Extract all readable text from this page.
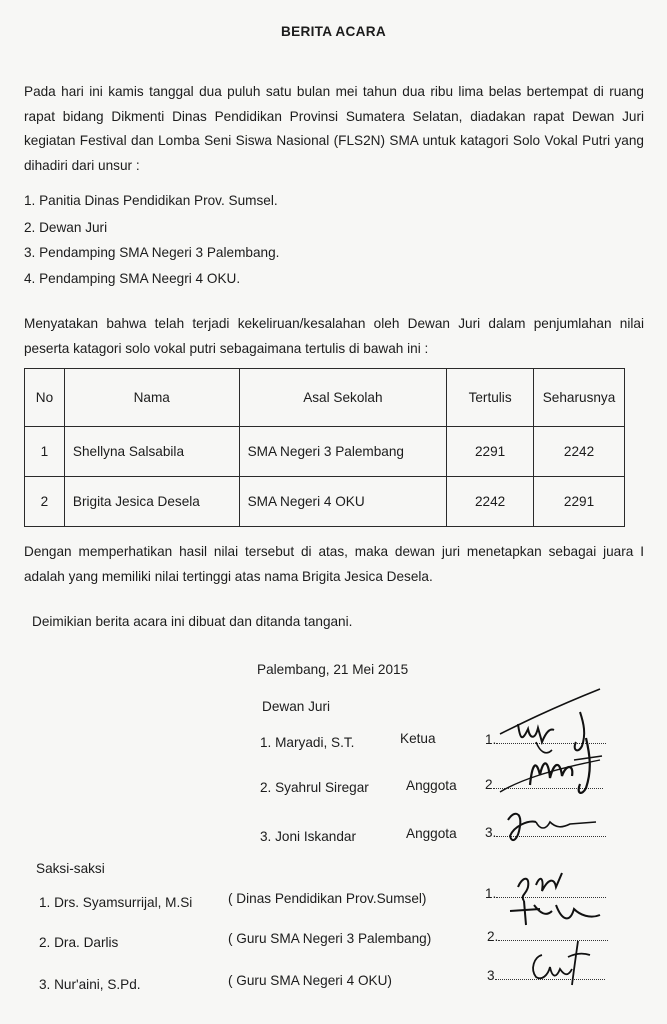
BERITA ACARA

Pada hari ini kamis tanggal dua puluh satu bulan mei tahun dua ribu lima belas bertempat di ruang rapat bidang Dikmenti Dinas Pendidikan Provinsi Sumatera Selatan, diadakan rapat Dewan Juri kegiatan Festival dan Lomba Seni Siswa Nasional (FLS2N) SMA untuk katagori Solo Vokal Putri yang dihadiri dari unsur :

1. Panitia Dinas Pendidikan Prov. Sumsel.
2. Dewan Juri
3. Pendamping SMA Negeri 3 Palembang.
4. Pendamping SMA Neegri 4 OKU.

Menyatakan bahwa telah terjadi kekeliruan/kesalahan oleh Dewan Juri dalam penjumlahan nilai peserta katagori solo vokal putri sebagaimana tertulis di bawah ini :

No	Nama	Asal Sekolah	Tertulis	Seharusnya
1	Shellyna Salsabila	SMA Negeri 3 Palembang	2291	2242
2	Brigita Jesica Desela	SMA Negeri 4 OKU	2242	2291

Dengan memperhatikan hasil nilai tersebut di atas, maka dewan juri menetapkan sebagai juara I adalah yang memiliki nilai tertinggi atas nama Brigita Jesica Desela.

Deimikian berita acara ini dibuat dan ditanda tangani.
Palembang, 21 Mei 2015
Dewan Juri
1. Maryadi, S.T.	Ketua	1.
2. Syahrul Siregar	Anggota 2
3. Joni Iskandar	Anggota 3.
Saksi-saksi
1. Drs. Syamsurrijal, M.Si	( Dinas Pendidikan Prov.Sumsel)	1.
2. Dra. Darlis	( Guru SMA Negeri 3 Palembang)	2.
3. Nur'aini, S.Pd.	( Guru SMA Negeri 4 OKU)	3
